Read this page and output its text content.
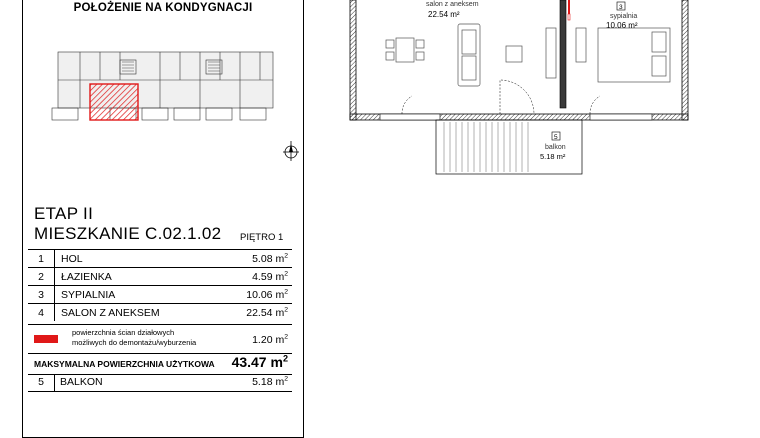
POŁOŻENIE NA KONDYGNACJI
ETAP II
MIESZKANIE C.02.1.02 PIĘTRO 1
1	HOL	5.08 $m^2$
2	ŁAZIENKA	4.59 $m^2$
3	SYPIALNIA	10.06 $m^2$
4	SALON Z ANEKSEM	22.54 $m^2$
powierzchnia ścian działowych
możliwych do demontażu/wyburzenia	1.20 $m^2$
MAKSYMALNA POWIERZCHNIA UŻYTKOWA 43.47 $m^2$
5	BALKON	5.18 $m^2$
salon z aneksem
22.54 m²
3
sypialnia
10.06 m²
5
balkon
5.18 m²
